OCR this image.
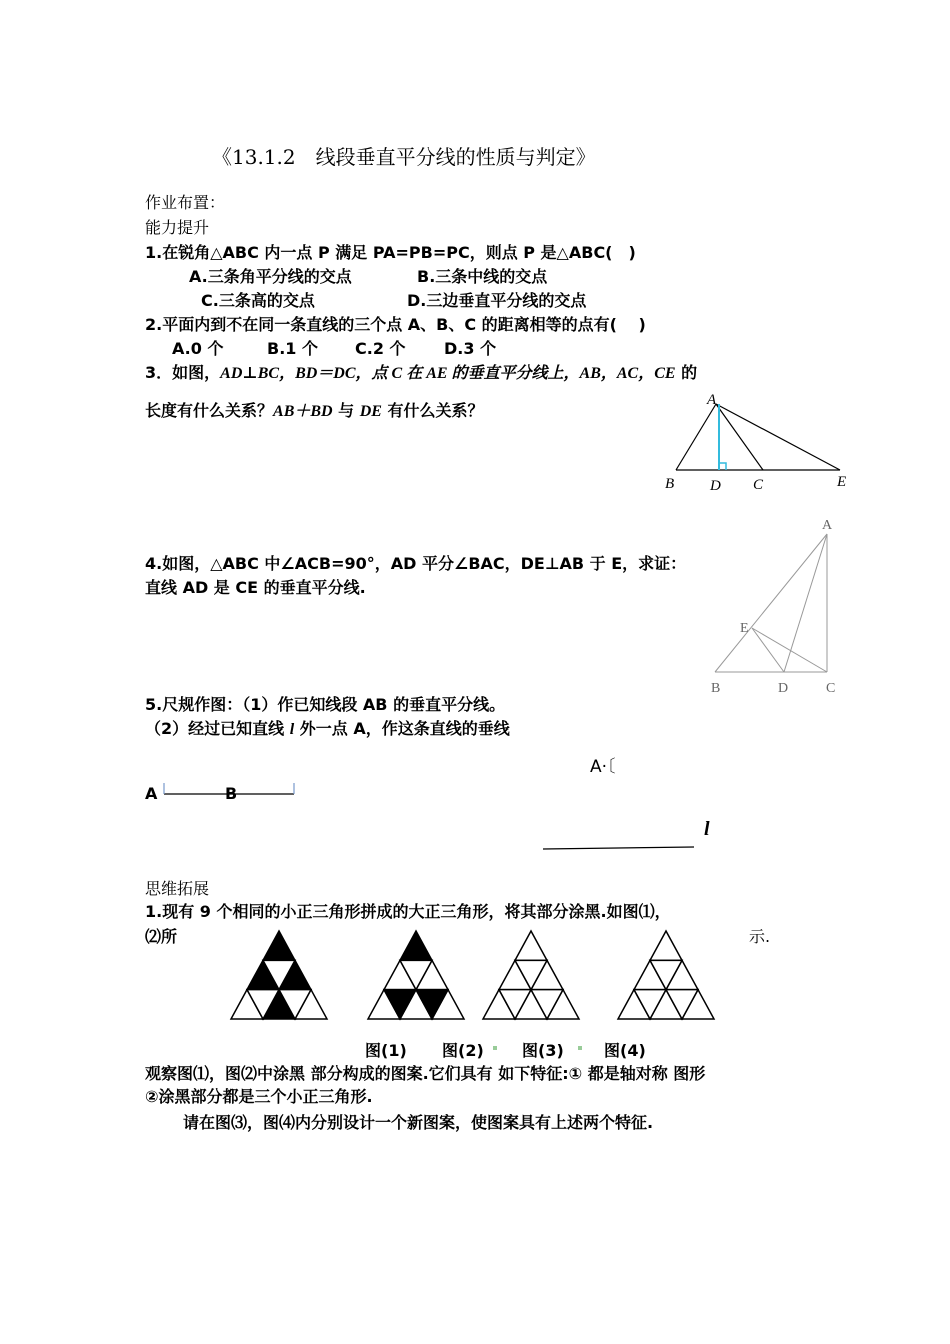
《13.1.2　线段垂直平分线的性质与判定》
作业布置：
能力提升
1.在锐角△ABC 内一点 P 满足 PA=PB=PC，则点 P 是△ABC(　)
A.三条角平分线的交点	B.三条中线的交点
C.三条高的交点	D.三边垂直平分线的交点
2.平面内到不在同一条直线的三个点 A、B、C 的距离相等的点有(　 )
A.0 个	B.1 个 C.2 个 D.3 个
3．如图，AD⊥BC，BD＝DC，点 C 在 AE 的垂直平分线上，AB，AC，CE 的
长度有什么关系？AB＋BD 与 DE 有什么关系？
A
B D C	E
4.如图，△ABC 中∠ACB=90°，AD 平分∠BAC，DE⊥AB 于 E，求证：
直线 AD 是 CE 的垂直平分线.
A
E
B	D	C
5.尺规作图：（1）作已知线段 AB 的垂直平分线。
（2）经过已知直线 l 外一点 A，作这条直线的垂线
A·〔
A	B
l
思维拓展
1.现有 9 个相同的小正三角形拼成的大正三角形，将其部分涂黑.如图⑴，
⑵所	示.
图(1) 图(2) 图(3)	图(4)
观察图⑴，图⑵中涂黑 部分构成的图案.它们具有 如下特征:① 都是轴对称 图形
②涂黑部分都是三个小正三角形.
请在图⑶，图⑷内分别设计一个新图案，使图案具有上述两个特征.
